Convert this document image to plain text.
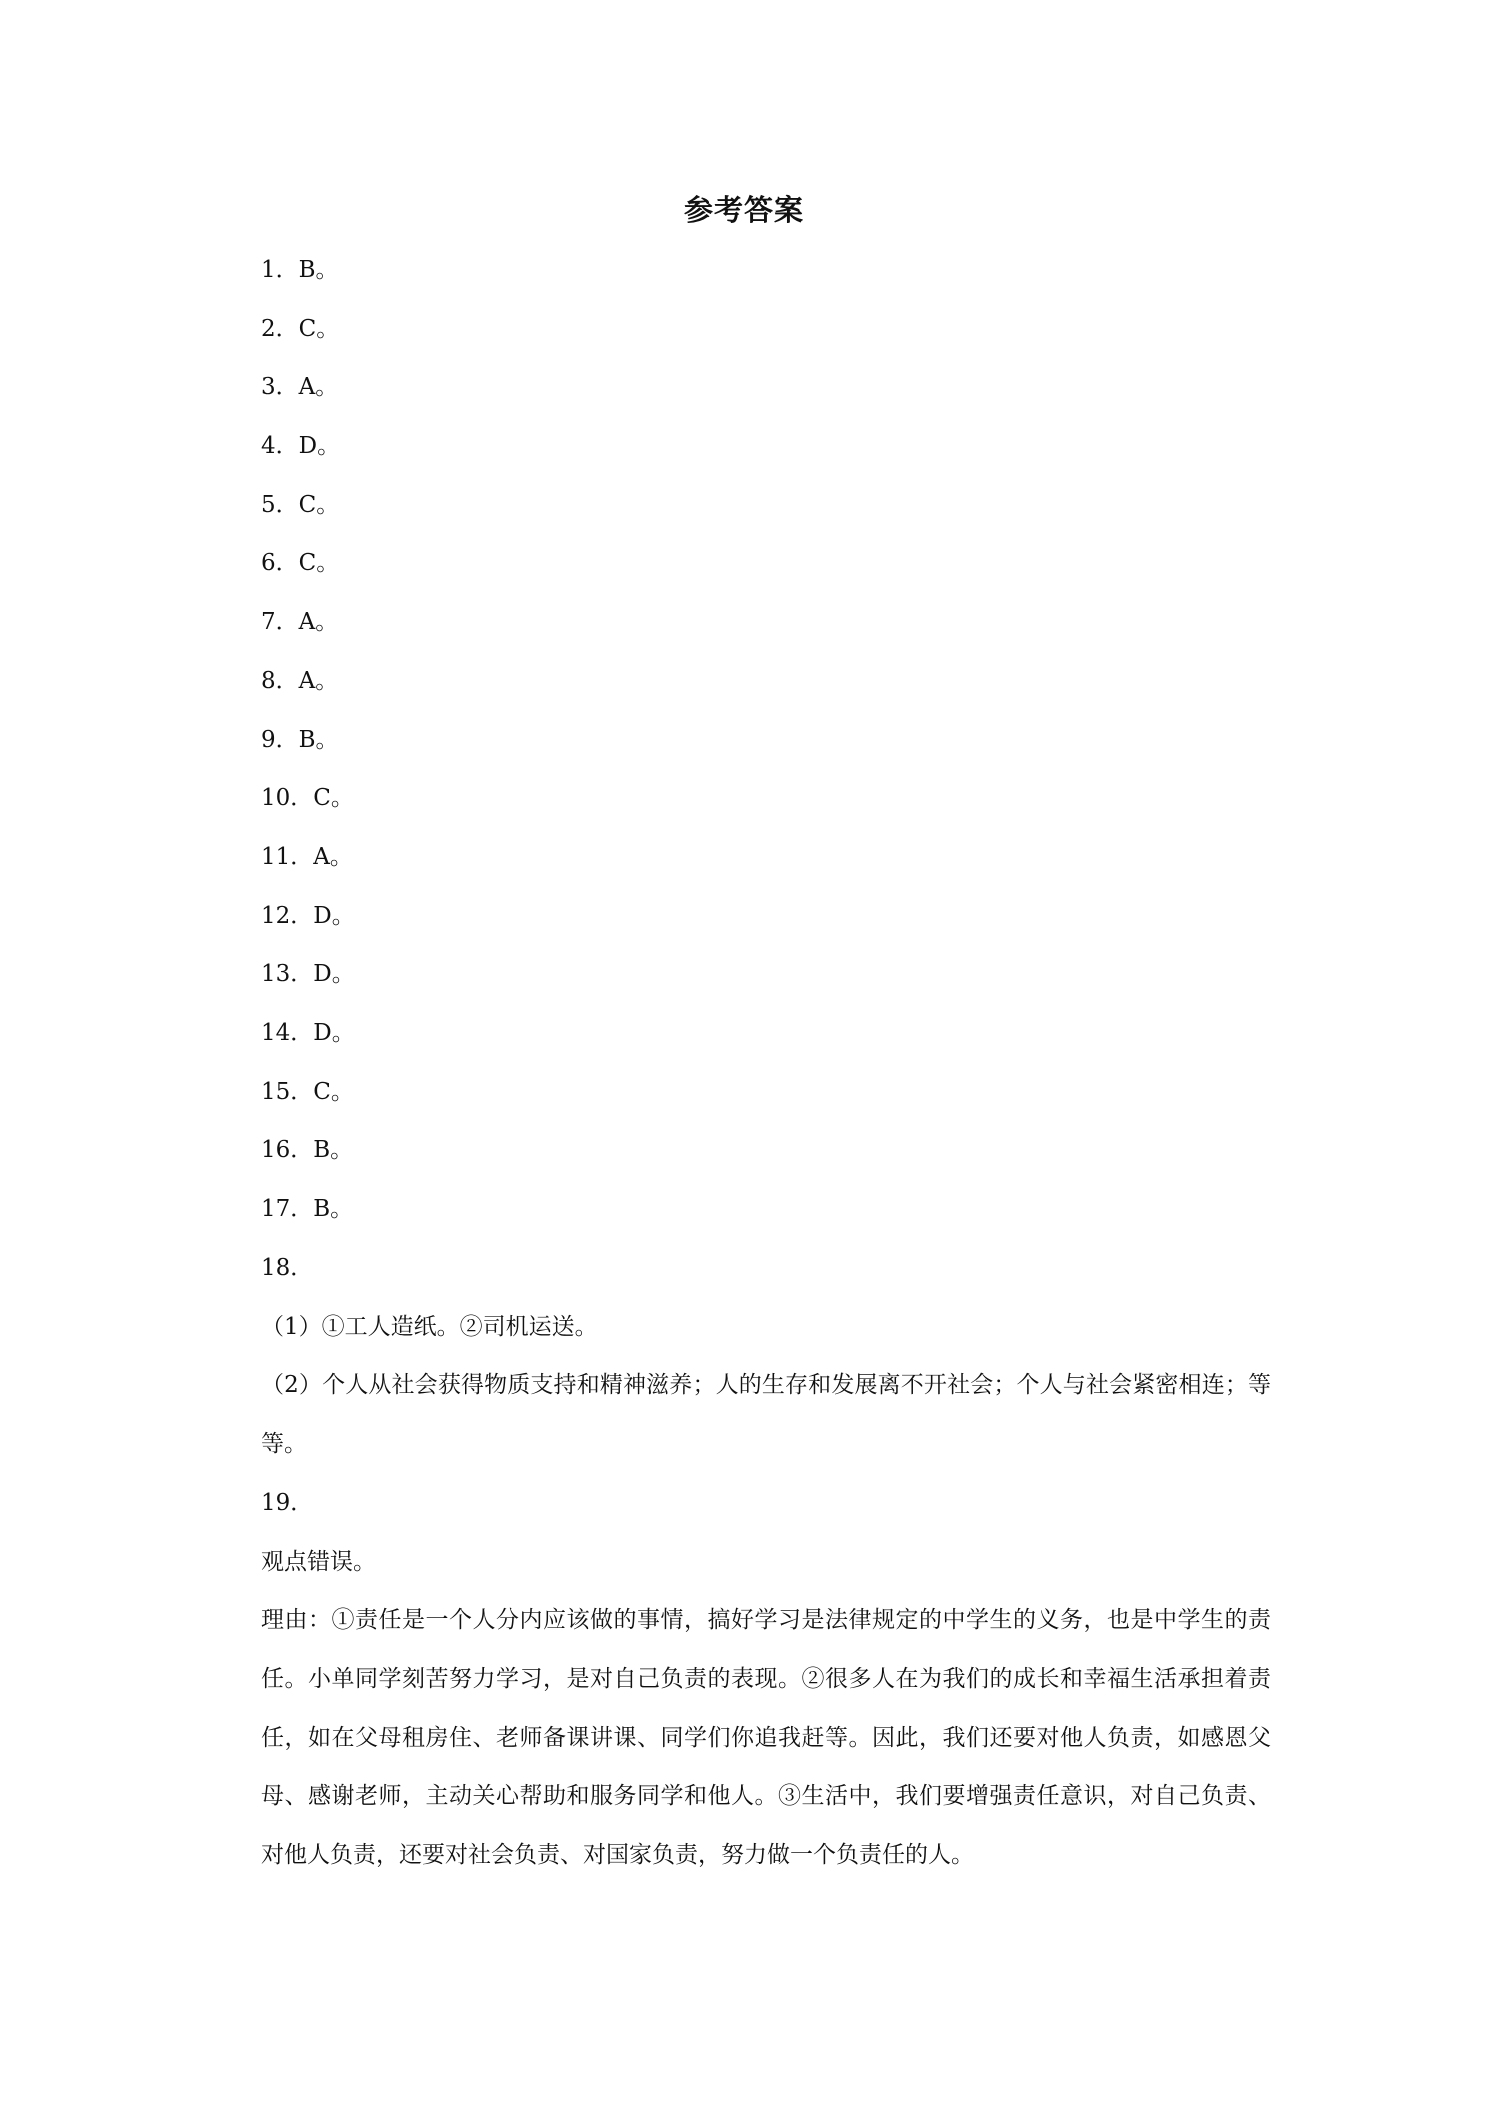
参考答案
1．B。
2．C。
3．A。
4．D。
5．C。
6．C。
7．A。
8．A。
9．B。
10．C。
11．A。
12．D。
13．D。
14．D。
15．C。
16．B。
17．B。
18．
（1）①工人造纸。②司机运送。
（2）个人从社会获得物质支持和精神滋养；人的生存和发展离不开社会；个人与社会紧密相连；等等。
19．
观点错误。
理由：①责任是一个人分内应该做的事情，搞好学习是法律规定的中学生的义务，也是中学生的责任。小单同学刻苦努力学习，是对自己负责的表现。②很多人在为我们的成长和幸福生活承担着责任，如在父母租房住、老师备课讲课、同学们你追我赶等。因此，我们还要对他人负责，如感恩父母、感谢老师，主动关心帮助和服务同学和他人。③生活中，我们要增强责任意识，对自己负责、对他人负责，还要对社会负责、对国家负责，努力做一个负责任的人。
